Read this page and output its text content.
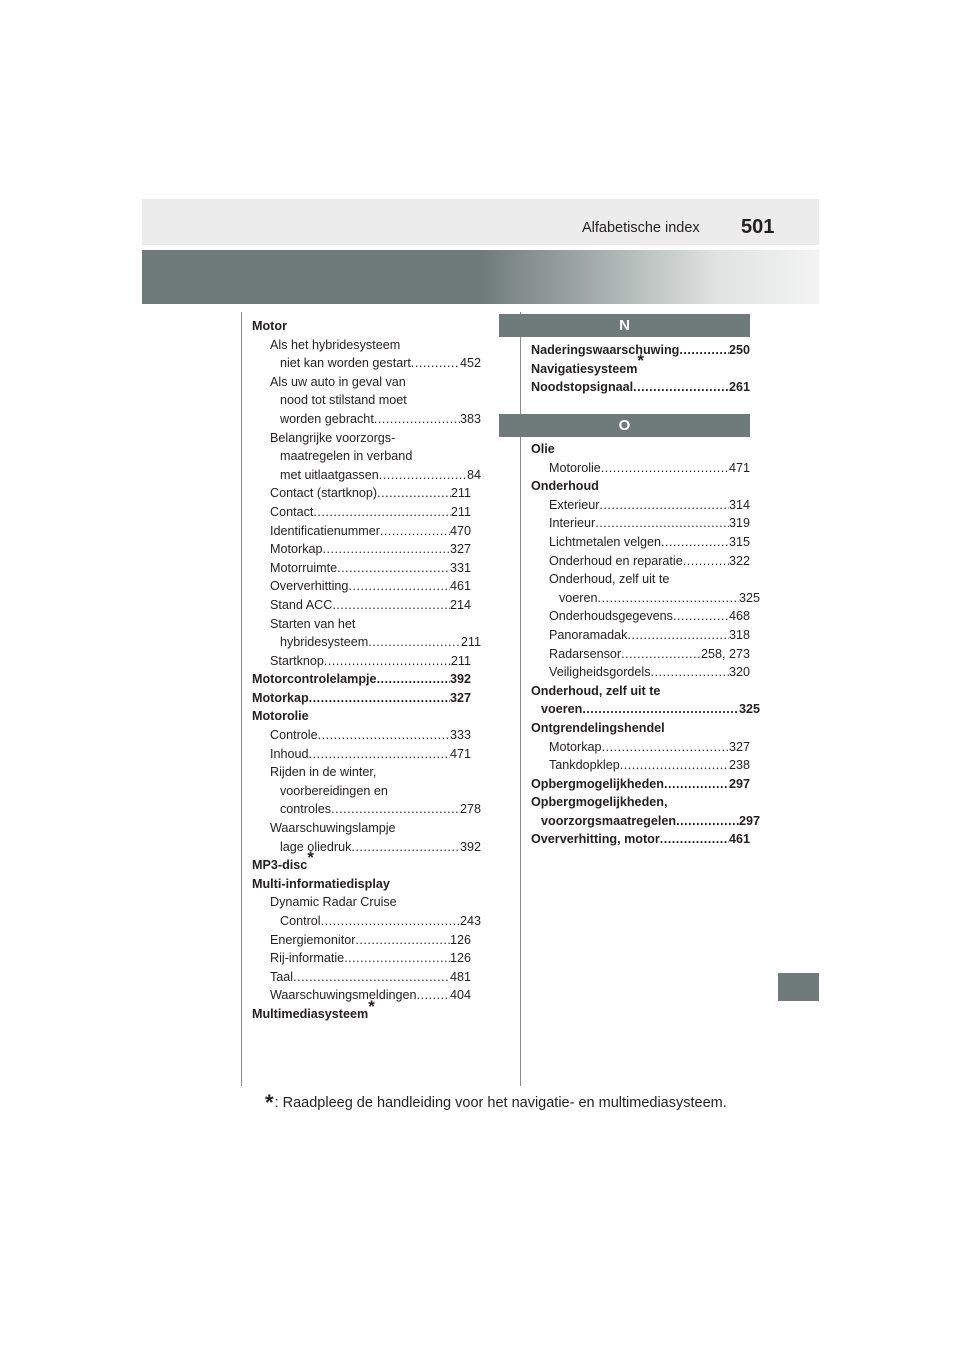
Alfabetische index 501
Motor
Als het hybridesysteem
niet kan worden gestart .....	452
Als uw auto in geval van
nood tot stilstand moet
worden gebracht .....	383
Belangrijke voorzorgs-
maatregelen in verband
met uitlaatgassen .....	84
Contact (startknop) .....	211
Contact .....	211
Identificatienummer .....	470
Motorkap .....	327
Motorruimte .....	331
Oververhitting .....	461
Stand ACC .....	214
Starten van het
hybridesysteem .....	211
Startknop .....	211
Motorcontrolelampje .....	392
Motorkap .....	327
Motorolie
Controle .....	333
Inhoud .....	471
Rijden in de winter,
voorbereidingen en
controles .....	278
Waarschuwingslampje
lage oliedruk .....	392
MP3-disc*
Multi-informatiedisplay
Dynamic Radar Cruise
Control .....	243
Energiemonitor .....	126
Rij-informatie .....	126
Taal .....	481
Waarschuwingsmeldingen .....	404
Multimediasysteem*
N
Naderingswaarschuwing .....	250
Navigatiesysteem*
Noodstopsignaal .....	261
O
Olie
Motorolie .....	471
Onderhoud
Exterieur .....	314
Interieur .....	319
Lichtmetalen velgen .....	315
Onderhoud en reparatie .....	322
Onderhoud, zelf uit te
voeren .....	325
Onderhoudsgegevens .....	468
Panoramadak .....	318
Radarsensor .....	258, 273
Veiligheidsgordels .....	320
Onderhoud, zelf uit te
voeren .....	325
Ontgrendelingshendel
Motorkap .....	327
Tankdopklep .....	238
Opbergmogelijkheden .....	297
Opbergmogelijkheden,
voorzorgsmaatregelen .....	297
Oververhitting, motor .....	461
*: Raadpleeg de handleiding voor het navigatie- en multimediasysteem.
